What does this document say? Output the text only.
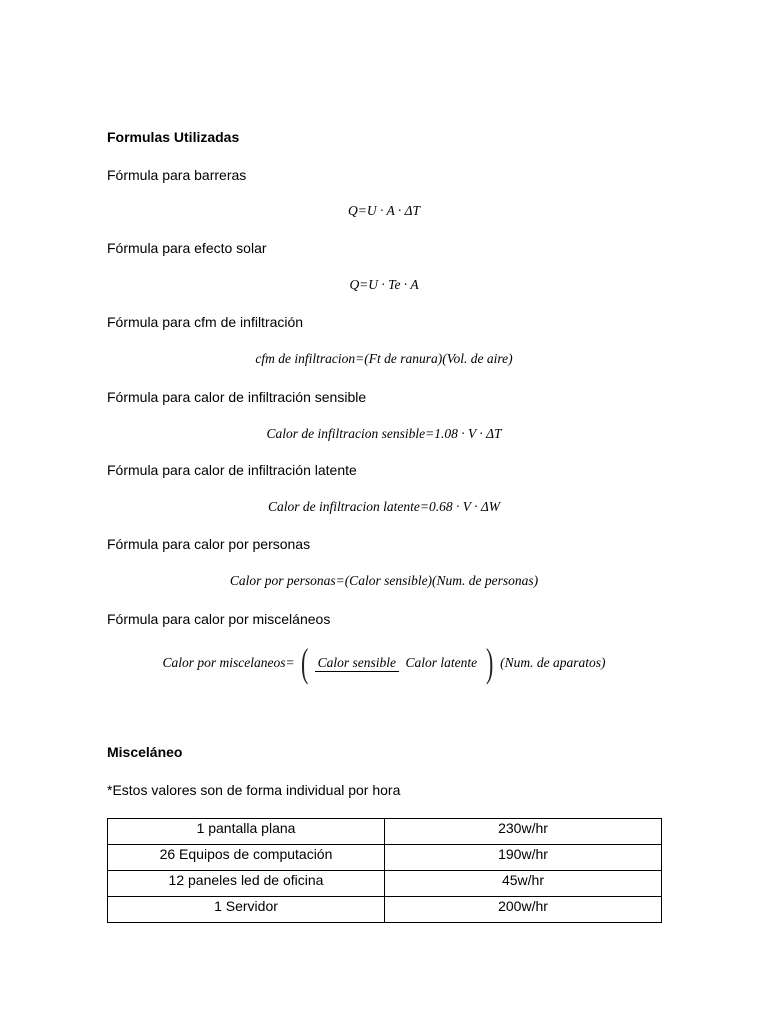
Formulas Utilizadas
Fórmula para barreras
Q=U · A · ΔT
Fórmula para efecto solar
Q=U · Te · A
Fórmula para cfm de infiltración
cfm de infiltracion=(Ft de ranura)(Vol. de aire)
Fórmula para calor de infiltración sensible
Calor de infiltracion sensible=1.08 · V · ΔT
Fórmula para calor de infiltración latente
Calor de infiltracion latente=0.68 · V · ΔW
Fórmula para calor por personas
Calor por personas=(Calor sensible)(Num. de personas)
Fórmula para calor por misceláneos
Calor por miscelaneos= ( Calor sensible Calor latente ) (Num. de aparatos)
Misceláneo
*Estos valores son de forma individual por hora
1 pantalla plana	230w/hr
26 Equipos de computación	190w/hr
12 paneles led de oficina	45w/hr
1 Servidor	200w/hr
